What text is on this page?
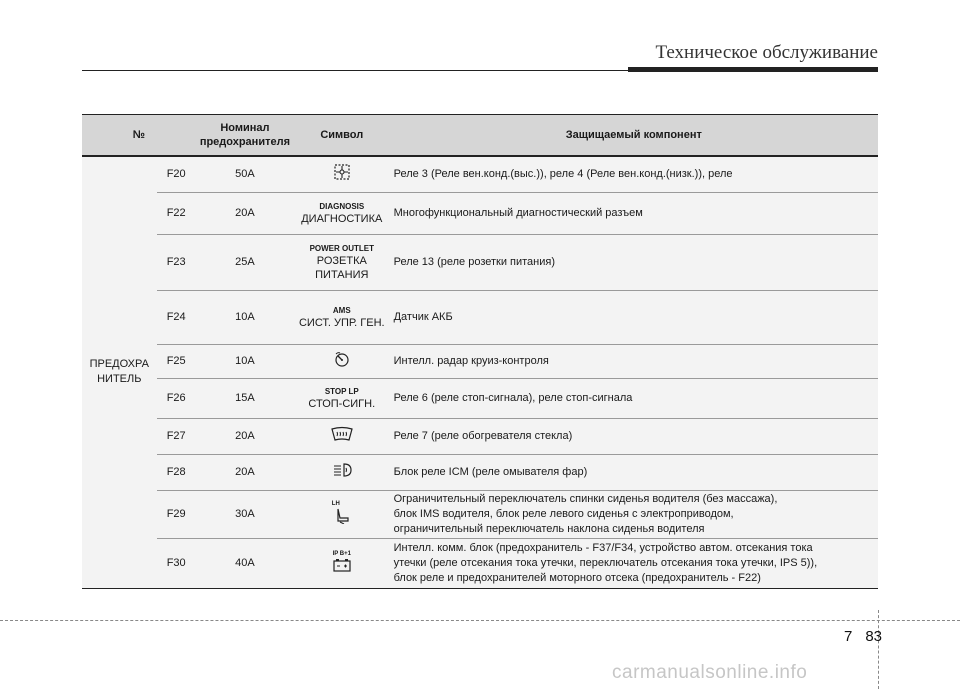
Техническое обслуживание
№		Номинал предохранителя	Символ	Защищаемый компонент
ПРЕДОХРА
НИТЕЛЬ	F20	50A		Реле 3 (Реле вен.конд.(выс.)), реле 4 (Реле вен.конд.(низк.)), реле
	F22	20A	DIAGNOSIS
ДИАГНОСТИКА	Многофункциональный диагностический разъем
	F23	25A	POWER OUTLET
РОЗЕТКА ПИТАНИЯ	Реле 13 (реле розетки питания)
	F24	10A	AMS
СИСТ. УПР. ГЕН.	Датчик АКБ
	F25	10A		Интелл. радар круиз-контроля
	F26	15A	STOP LP
СТОП-СИГН.	Реле 6 (реле стоп-сигнала), реле стоп-сигнала
	F27	20A		Реле 7 (реле обогревателя стекла)
	F28	20A		Блок реле ICM (реле омывателя фар)
	F29	30A	LH	Ограничительный переключатель спинки сиденья водителя (без массажа),
блок IMS водителя, блок реле левого сиденья с электроприводом,
ограничительный переключатель наклона сиденья водителя
	F30	40A	IP B+1	Интелл. комм. блок (предохранитель - F37/F34, устройство автом. отсекания тока
утечки (реле отсекания тока утечки, переключатель отсекания тока утечки, IPS 5)),
блок реле и предохранителей моторного отсека (предохранитель - F22)
7 83
carmanualsonline.info
